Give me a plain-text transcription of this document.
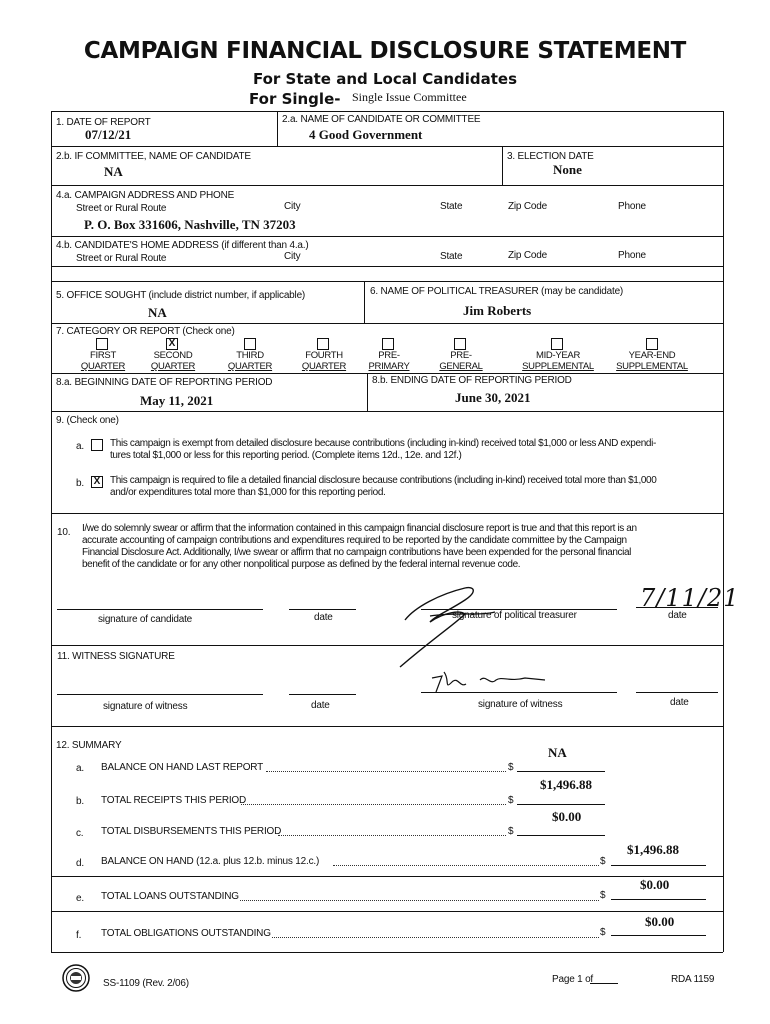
CAMPAIGN FINANCIAL DISCLOSURE STATEMENT
For State and Local Candidates
For Single- Single Issue Committee
1. DATE OF REPORT
07/12/21
2.a. NAME OF CANDIDATE OR COMMITTEE
4 Good Government
2.b. IF COMMITTEE, NAME OF CANDIDATE
NA
3. ELECTION DATE
None
4.a. CAMPAIGN ADDRESS AND PHONE
Street or Rural Route	City	State	Zip Code	Phone
P. O. Box 331606, Nashville, TN 37203
4.b. CANDIDATE'S HOME ADDRESS (if different than 4.a.)
Street or Rural Route	City	State	Zip Code	Phone
5. OFFICE SOUGHT (include district number, if applicable)
NA
6. NAME OF POLITICAL TREASURER (may be candidate)
Jim Roberts
7. CATEGORY OR REPORT (Check one)
FIRST
QUARTER
X
SECOND
QUARTER
THIRD
QUARTER
FOURTH
QUARTER
PRE-
PRIMARY
PRE-
GENERAL
MID-YEAR
SUPPLEMENTAL
YEAR-END
SUPPLEMENTAL
8.a. BEGINNING DATE OF REPORTING PERIOD
May 11, 2021
8.b. ENDING DATE OF REPORTING PERIOD
June 30, 2021
9. (Check one)
a.	This campaign is exempt from detailed disclosure because contributions (including in-kind) received total $1,000 or less AND expendi-
tures total $1,000 or less for this reporting period. (Complete items 12d., 12e. and 12f.)
b. X This campaign is required to file a detailed financial disclosure because contributions (including in-kind) received total more than $1,000
and/or expenditures total more than $1,000 for this reporting period.
10. I/we do solemnly swear or affirm that the information contained in this campaign financial disclosure report is true and that this report is an
accurate accounting of campaign contributions and expenditures required to be reported by the candidate committee by the Campaign
Financial Disclosure Act. Additionally, I/we swear or affirm that no campaign contributions have been expended for the personal financial
benefit of the candidate or for any other nonpolitical purpose as defined by the federal internal revenue code.
signature of candidate	date	signature of political treasurer	date
7/11/21
11. WITNESS SIGNATURE
signature of witness	date	signature of witness	date
12. SUMMARY
a. BALANCE ON HAND LAST REPORT	$
NA
b. TOTAL RECEIPTS THIS PERIOD	$
$1,496.88
c. TOTAL DISBURSEMENTS THIS PERIOD	$
$0.00
d. BALANCE ON HAND (12.a. plus 12.b. minus 12.c.)	$
$1,496.88
e. TOTAL LOANS OUTSTANDING	$
$0.00
f. TOTAL OBLIGATIONS OUTSTANDING	$
$0.00
SS-1109 (Rev. 2/06)	Page 1 of	RDA 1159
